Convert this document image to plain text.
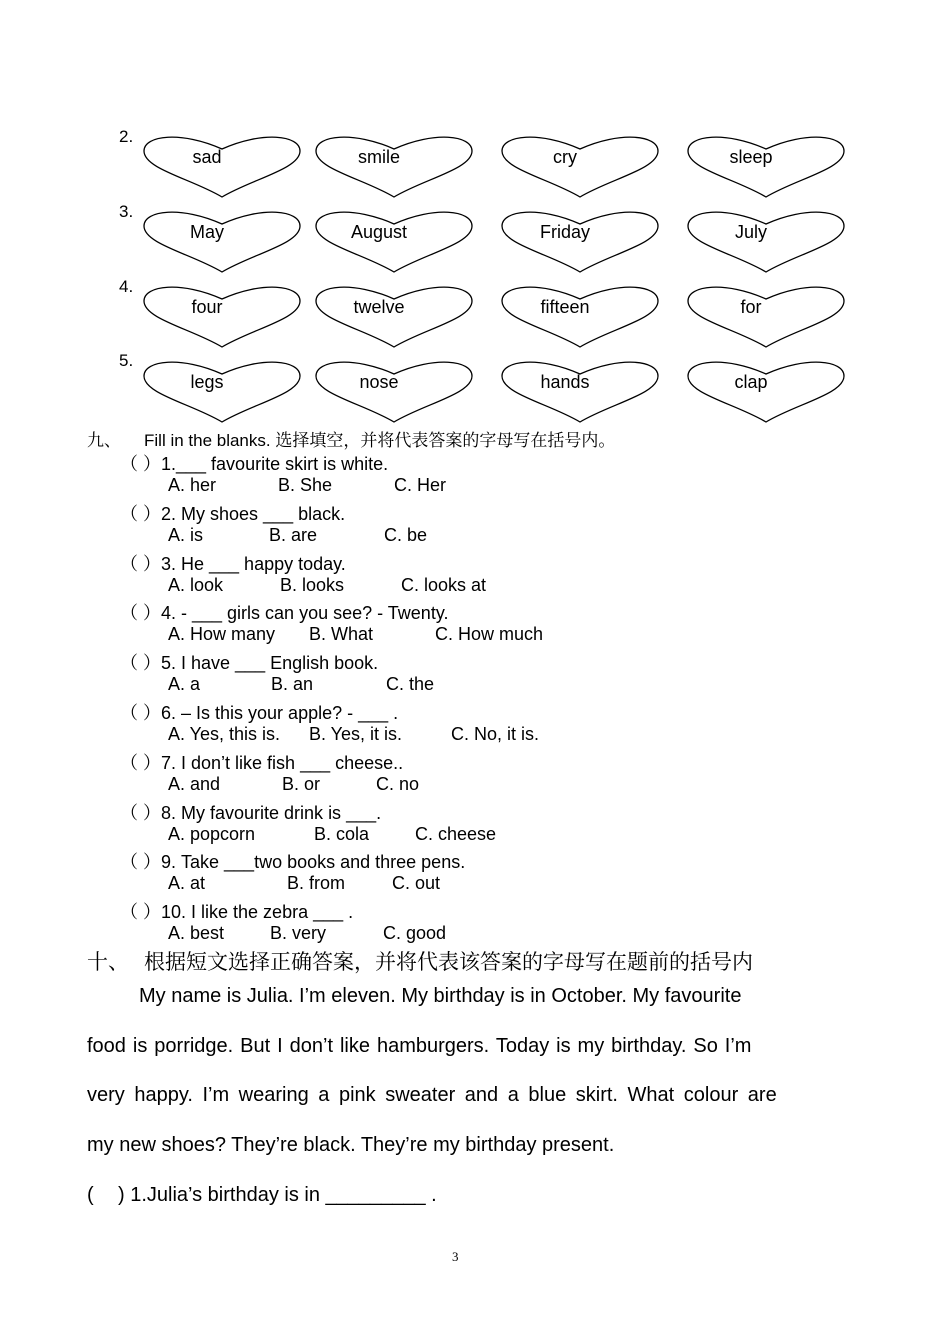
2.
sad	smile	cry	sleep
3.
May	August	Friday	July
4.
four	twelve	fifteen	for
5.
legs	nose	hands	clap
九、 Fill in the blanks. 选择填空，并将代表答案的字母写在括号内。
（ ）1.___ favourite skirt is white.
A. her	B. She	C. Her
（ ）2. My shoes ___ black.
A. is	B. are	C. be
（ ）3. He ___ happy today.
A. look	B. looks	C. looks at
（ ）4. - ___ girls can you see? - Twenty.
A. How many B. What	C. How much
（ ）5. I have ___ English book.
A. a	B. an	C. the
（ ）6. – Is this your apple? - ___ .
A. Yes, this is. B. Yes, it is.	C. No, it is.
（ ）7. I don’t like fish ___ cheese..
A. and	B. or	C. no
（ ）8. My favourite drink is ___.
A. popcorn	B. cola	C. cheese
（ ）9. Take ___two books and three pens.
A. at	B. from	C. out
（ ）10. I like the zebra ___ .
A. best	B. very	C. good
十、 根据短文选择正确答案，并将代表该答案的字母写在题前的括号内
My name is Julia. I’m eleven. My birthday is in October. My favourite
food is porridge. But I don’t like hamburgers. Today is my birthday. So I’m
very happy. I’m wearing a pink sweater and a blue skirt. What colour are
my new shoes? They’re black. They’re my birthday present.
( ) 1.Julia’s birthday is in _________ .
3
